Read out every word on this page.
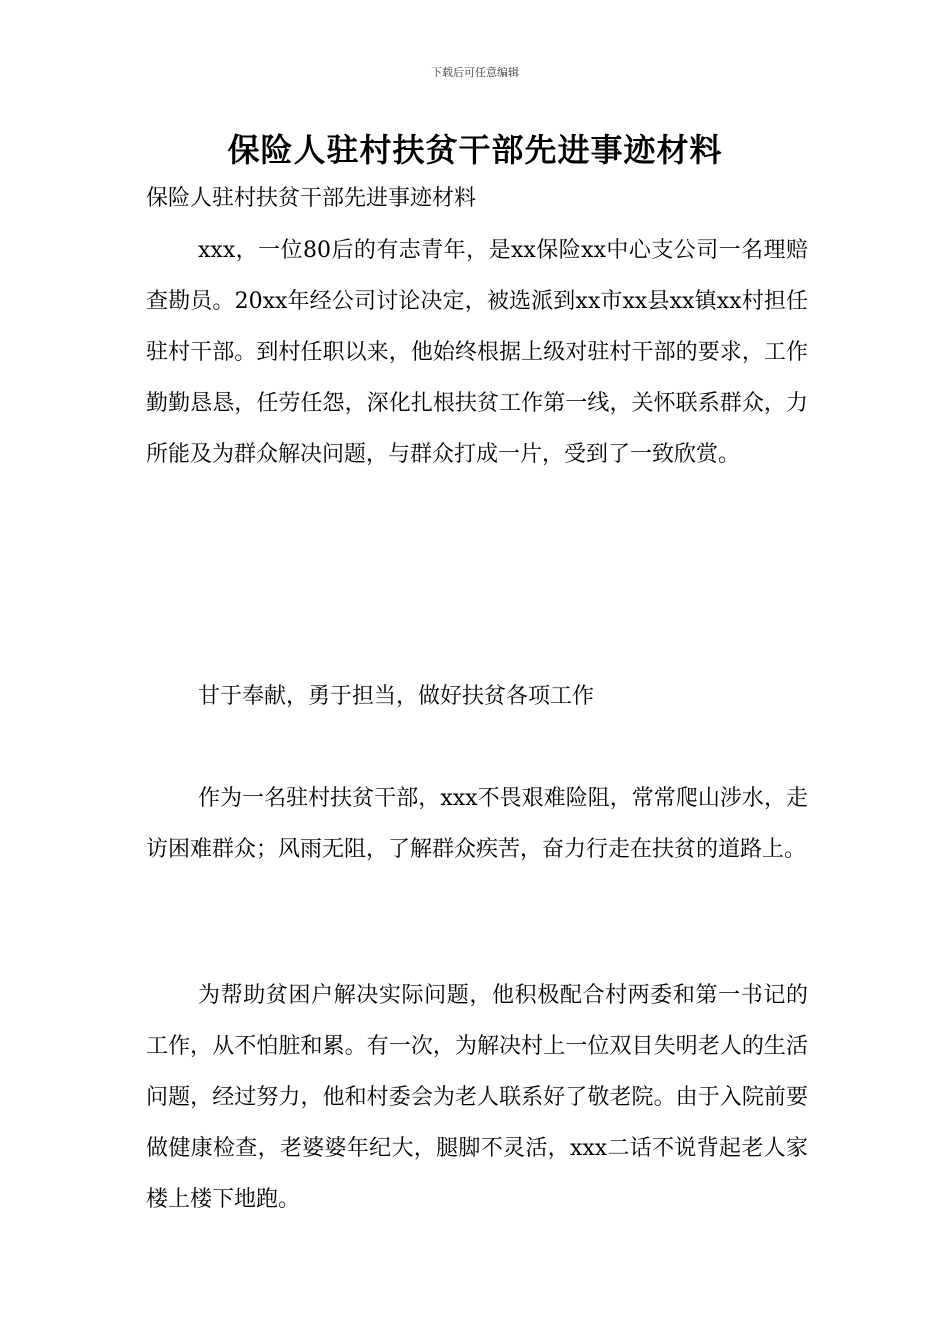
下载后可任意编辑
保险人驻村扶贫干部先进事迹材料

保险人驻村扶贫干部先进事迹材料

xxx，一位80后的有志青年，是xx保险xx中心支公司一名理赔查勘员。20xx年经公司讨论决定，被选派到xx市xx县xx镇xx村担任驻村干部。到村任职以来，他始终根据上级对驻村干部的要求，工作勤勤恳恳，任劳任怨，深化扎根扶贫工作第一线，关怀联系群众，力所能及为群众解决问题，与群众打成一片，受到了一致欣赏。

甘于奉献，勇于担当，做好扶贫各项工作

作为一名驻村扶贫干部，xxx不畏艰难险阻，常常爬山涉水，走访困难群众；风雨无阻，了解群众疾苦，奋力行走在扶贫的道路上。

为帮助贫困户解决实际问题，他积极配合村两委和第一书记的工作，从不怕脏和累。有一次，为解决村上一位双目失明老人的生活问题，经过努力，他和村委会为老人联系好了敬老院。由于入院前要做健康检查，老婆婆年纪大，腿脚不灵活，xxx二话不说背起老人家楼上楼下地跑。
